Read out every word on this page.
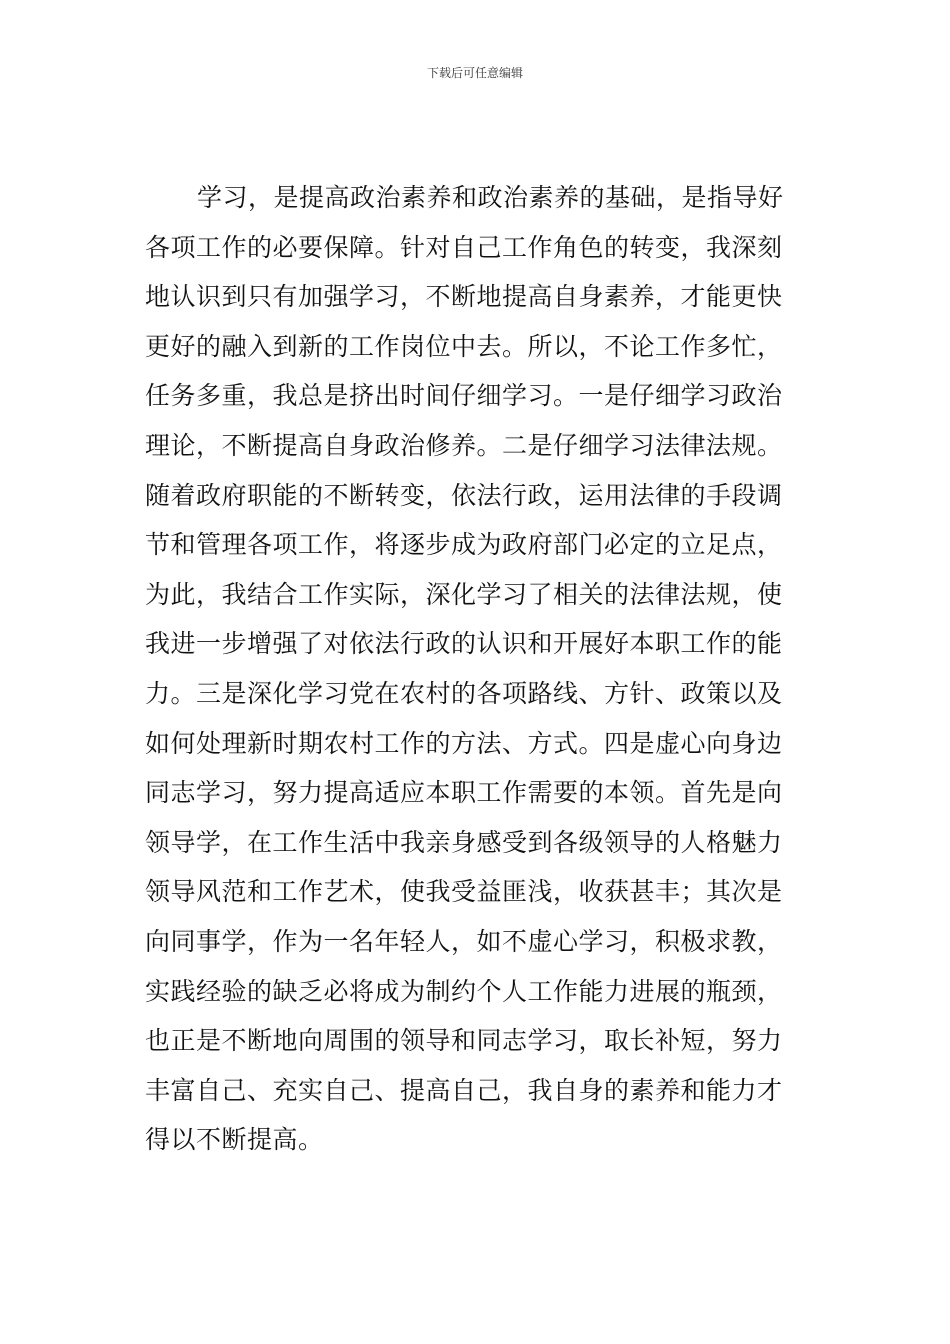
下载后可任意编辑
学习，是提高政治素养和政治素养的基础，是指导好
各项工作的必要保障。针对自己工作角色的转变，我深刻
地认识到只有加强学习，不断地提高自身素养，才能更快
更好的融入到新的工作岗位中去。所以，不论工作多忙，
任务多重，我总是挤出时间仔细学习。一是仔细学习政治
理论，不断提高自身政治修养。二是仔细学习法律法规。
随着政府职能的不断转变，依法行政，运用法律的手段调
节和管理各项工作，将逐步成为政府部门必定的立足点，
为此，我结合工作实际，深化学习了相关的法律法规，使
我进一步增强了对依法行政的认识和开展好本职工作的能
力。三是深化学习党在农村的各项路线、方针、政策以及
如何处理新时期农村工作的方法、方式。四是虚心向身边
同志学习，努力提高适应本职工作需要的本领。首先是向
领导学，在工作生活中我亲身感受到各级领导的人格魅力
领导风范和工作艺术，使我受益匪浅，收获甚丰；其次是
向同事学，作为一名年轻人，如不虚心学习，积极求教，
实践经验的缺乏必将成为制约个人工作能力进展的瓶颈，
也正是不断地向周围的领导和同志学习，取长补短，努力
丰富自己、充实自己、提高自己，我自身的素养和能力才
得以不断提高。
